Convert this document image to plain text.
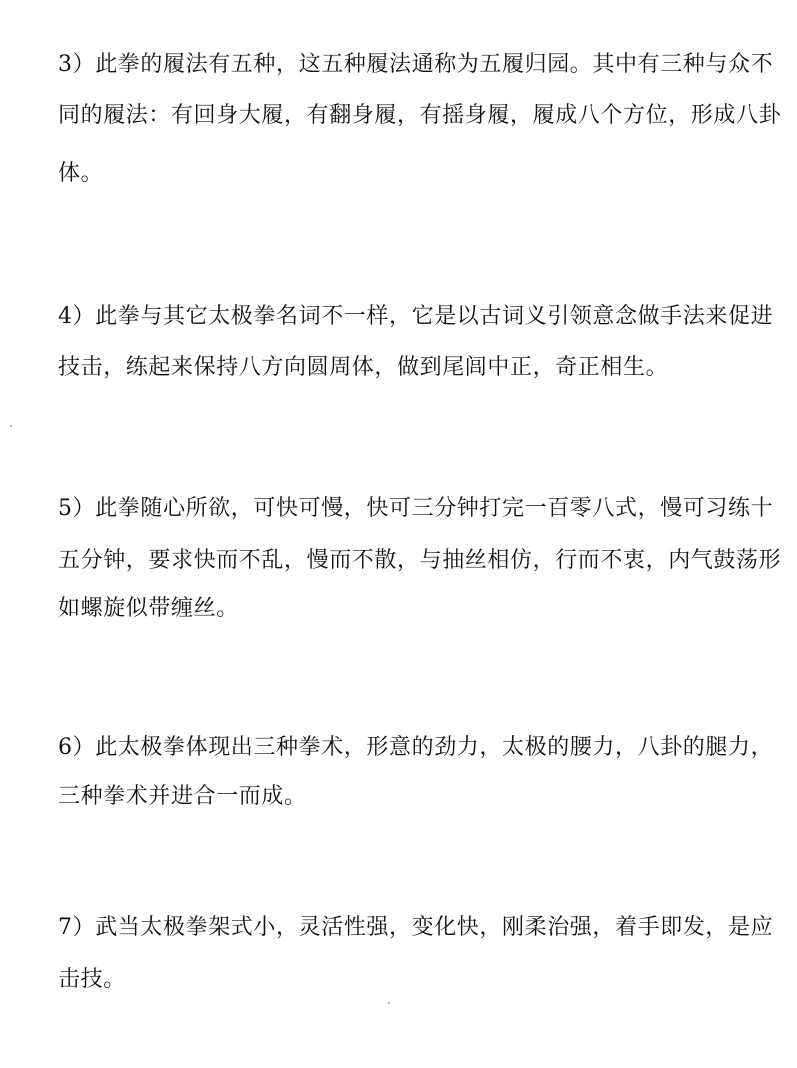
3）此拳的履法有五种，这五种履法通称为五履归园。其中有三种与众不
同的履法：有回身大履，有翻身履，有摇身履，履成八个方位，形成八卦
体。
4）此拳与其它太极拳名词不一样，它是以古词义引领意念做手法来促进
技击，练起来保持八方向圆周体，做到尾闾中正，奇正相生。
5）此拳随心所欲，可快可慢，快可三分钟打完一百零八式，慢可习练十
五分钟，要求快而不乱，慢而不散，与抽丝相仿，行而不衷，内气鼓荡形
如螺旋似带缠丝。
6）此太极拳体现出三种拳术，形意的劲力，太极的腰力，八卦的腿力，
三种拳术并进合一而成。
7）武当太极拳架式小，灵活性强，变化快，刚柔治强，着手即发，是应
击技。
